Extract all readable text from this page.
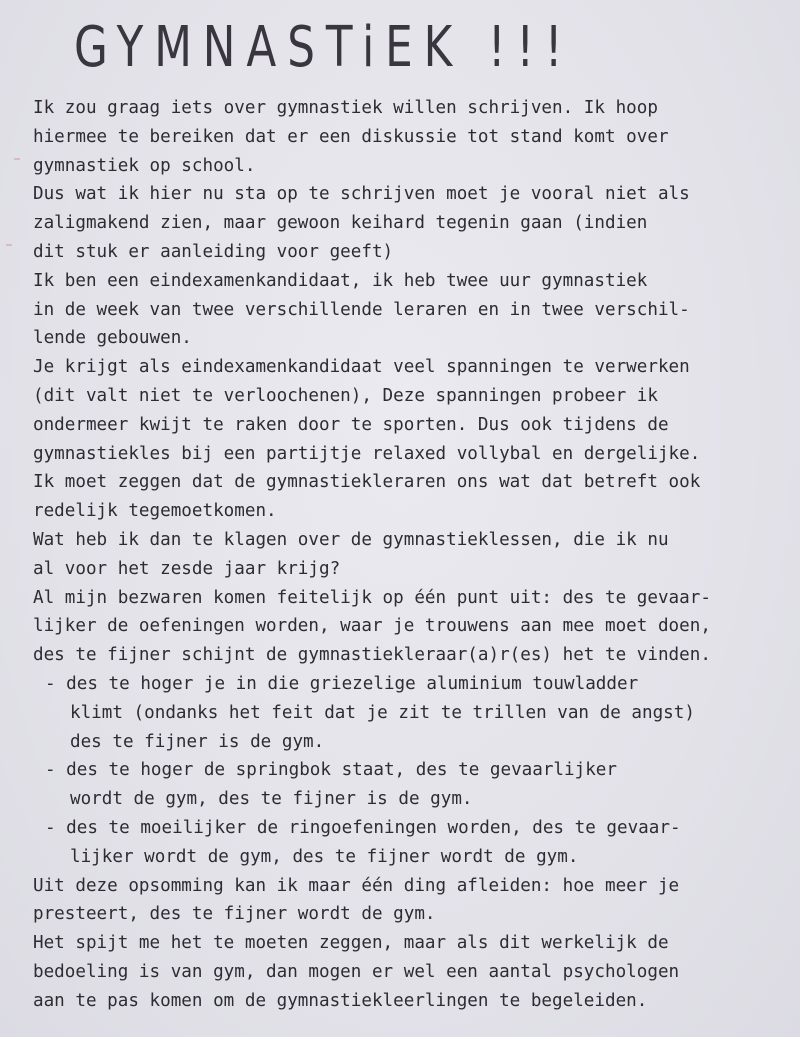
GYMNASTiEK !!!
Ik zou graag iets over gymnastiek willen schrijven. Ik hoop
hiermee te bereiken dat er een diskussie tot stand komt over
gymnastiek op school.
Dus wat ik hier nu sta op te schrijven moet je vooral niet als
zaligmakend zien, maar gewoon keihard tegenin gaan (indien
dit stuk er aanleiding voor geeft)
Ik ben een eindexamenkandidaat, ik heb twee uur gymnastiek
in de week van twee verschillende leraren en in twee verschil-
lende gebouwen.
Je krijgt als eindexamenkandidaat veel spanningen te verwerken
(dit valt niet te verloochenen), Deze spanningen probeer ik
ondermeer kwijt te raken door te sporten. Dus ook tijdens de
gymnastiekles bij een partijtje relaxed vollybal en dergelijke.
Ik moet zeggen dat de gymnastiekleraren ons wat dat betreft ook
redelijk tegemoetkomen.
Wat heb ik dan te klagen over de gymnastieklessen, die ik nu
al voor het zesde jaar krijg?
Al mijn bezwaren komen feitelijk op één punt uit: des te gevaar-
lijker de oefeningen worden, waar je trouwens aan mee moet doen,
des te fijner schijnt de gymnastiekleraar(a)r(es) het te vinden.
- des te hoger je in die griezelige aluminium touwladder
klimt (ondanks het feit dat je zit te trillen van de angst)
des te fijner is de gym.
- des te hoger de springbok staat, des te gevaarlijker
wordt de gym, des te fijner is de gym.
- des te moeilijker de ringoefeningen worden, des te gevaar-
lijker wordt de gym, des te fijner wordt de gym.
Uit deze opsomming kan ik maar één ding afleiden: hoe meer je
presteert, des te fijner wordt de gym.
Het spijt me het te moeten zeggen, maar als dit werkelijk de
bedoeling is van gym, dan mogen er wel een aantal psychologen
aan te pas komen om de gymnastiekleerlingen te begeleiden.
